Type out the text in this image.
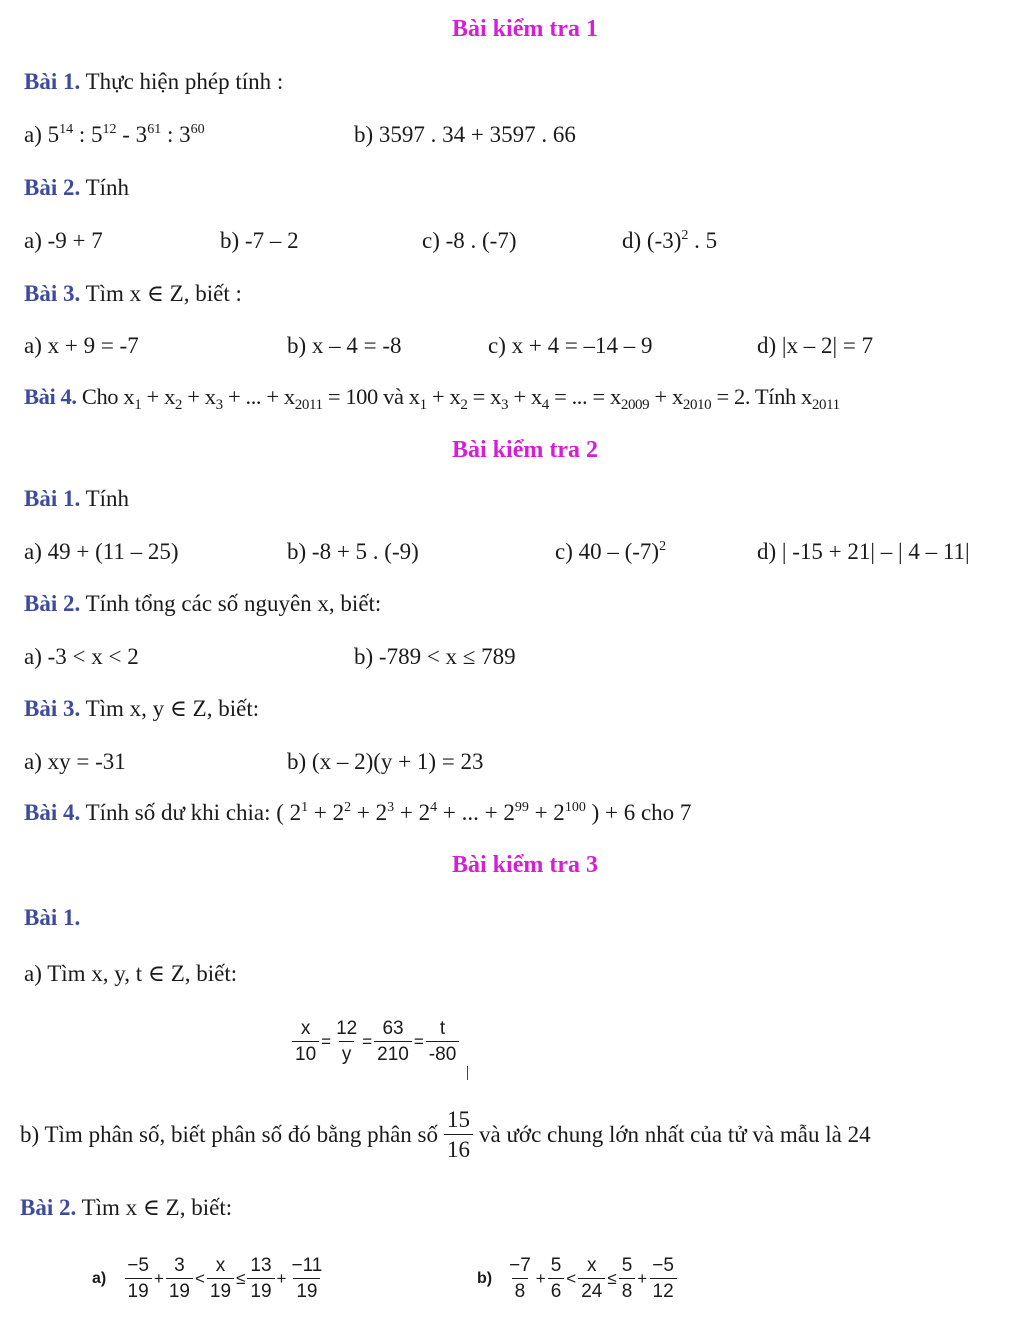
Bài kiểm tra 1
Bài 1. Thực hiện phép tính :
a) $5^{14}$ : $5^{12} - 3^{61}$ : $3^{60}$	b) 3597 . 34 + 3597 . 66
Bài 2. Tính
a) -9 + 7	b) -7 – 2	c) -8 . (-7)	d) $(-3)^2$ . 5
Bài 3. Tìm x ∈ Z, biết :
a) x + 9 = -7	b) x – 4 = -8	c) x + 4 = –14 – 9	d) |x – 2| = 7
Bài 4. Cho $x_1 + x_2 + x_3$ + ... + $x_{2011} = 100$ và $x_1 + x_2 = x_3 + x_4$ = ... = $x_{2009} + x_{2010} = 2$. Tính $x_{2011}$
Bài kiểm tra 2
Bài 1. Tính
a) 49 + (11 – 25)	b) -8 + 5 . (-9)	c) $40 - (-7)^2$	d) | -15 + 21| – | 4 – 11|
Bài 2. Tính tổng các số nguyên x, biết:
a) -3 < x < 2	b) -789 < x ≤ 789
Bài 3. Tìm x, y ∈ Z, biết:
a) xy = -31	b) (x – 2)(y + 1) = 23
Bài 4. Tính số dư khi chia: ( $2^1 + 2^2 + 2^3 + 2^4$ + ... + $2^{99} + 2^{100}$ ) + 6 cho 7
Bài kiểm tra 3
Bài 1.
a) Tìm x, y, t ∈ Z, biết:
$\frac{x}{10} = \frac{12}{y} = \frac{63}{210} = \frac{t}{-80}$
b) Tìm phân số, biết phân số đó bằng phân số $\frac{15}{16}$ và ước chung lớn nhất của tử và mẫu là 24
Bài 2. Tìm x ∈ Z, biết:
$a) \frac{-5}{19} + \frac{3}{19} < \frac{x}{19} \le \frac{13}{19} + \frac{-11}{19}$	$b) \frac{-7}{8} + \frac{5}{6} < \frac{x}{24} \le \frac{5}{8} + \frac{-5}{12}$
